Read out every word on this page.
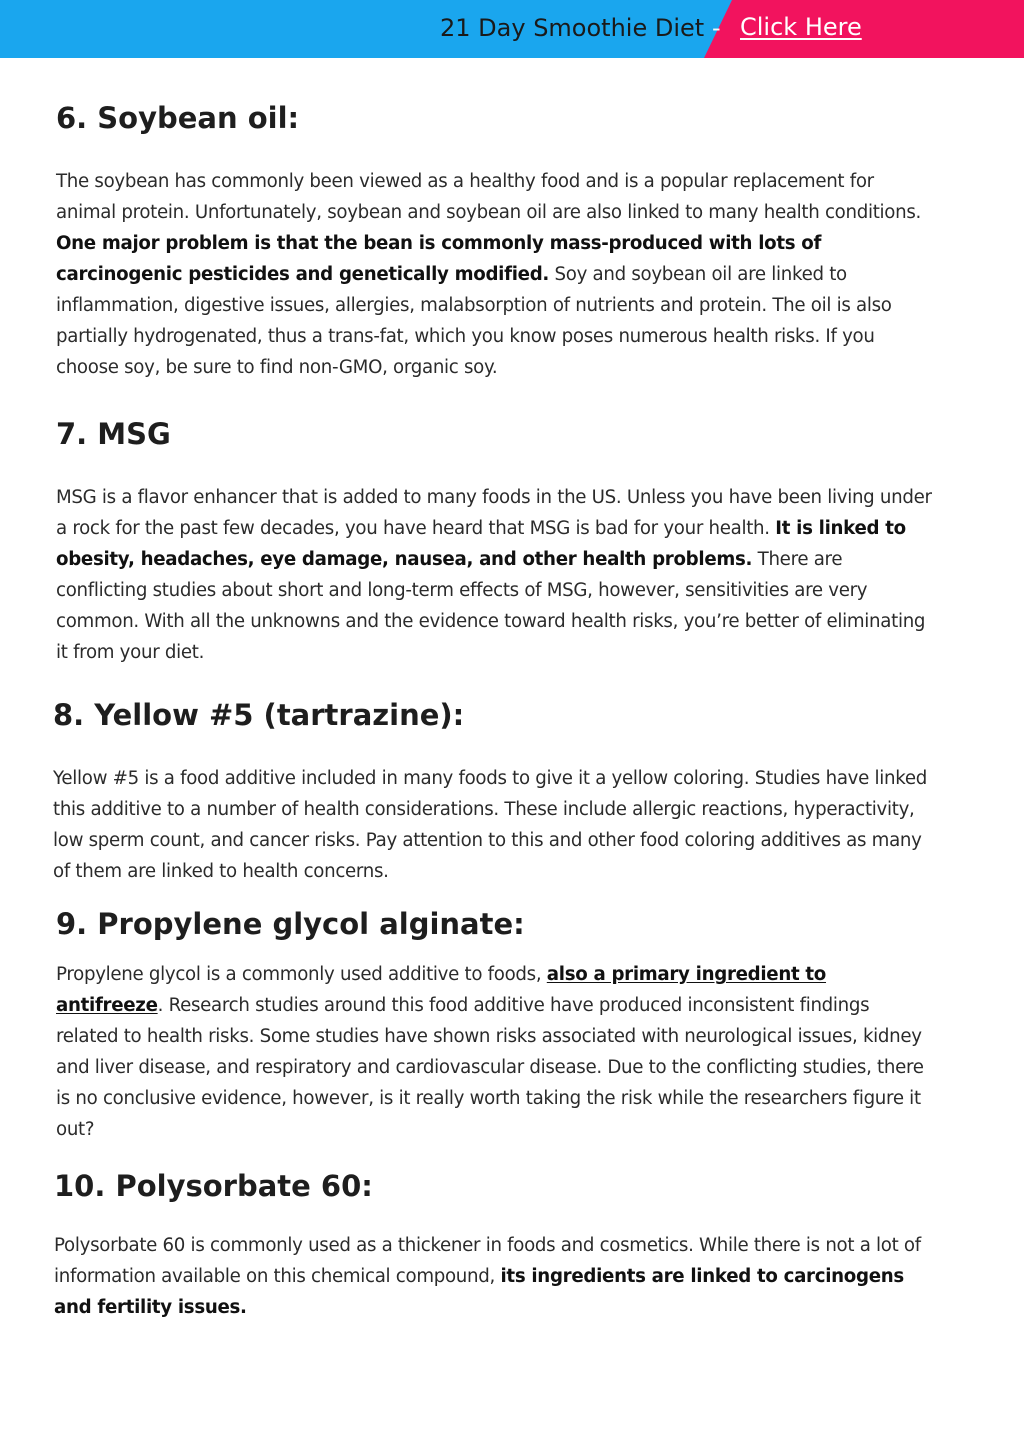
21 Day Smoothie Diet - Click Here
6. Soybean oil:

The soybean has commonly been viewed as a healthy food and is a popular replacement for animal protein. Unfortunately, soybean and soybean oil are also linked to many health conditions. One major problem is that the bean is commonly mass-produced with lots of carcinogenic pesticides and genetically modified. Soy and soybean oil are linked to inflammation, digestive issues, allergies, malabsorption of nutrients and protein. The oil is also partially hydrogenated, thus a trans-fat, which you know poses numerous health risks. If you choose soy, be sure to find non-GMO, organic soy.

7. MSG

MSG is a flavor enhancer that is added to many foods in the US. Unless you have been living under a rock for the past few decades, you have heard that MSG is bad for your health. It is linked to obesity, headaches, eye damage, nausea, and other health problems. There are conflicting studies about short and long-term effects of MSG, however, sensitivities are very common. With all the unknowns and the evidence toward health risks, you’re better of eliminating it from your diet.

8. Yellow #5 (tartrazine):

Yellow #5 is a food additive included in many foods to give it a yellow coloring. Studies have linked this additive to a number of health considerations. These include allergic reactions, hyperactivity, low sperm count, and cancer risks. Pay attention to this and other food coloring additives as many of them are linked to health concerns.

9. Propylene glycol alginate:

Propylene glycol is a commonly used additive to foods, also a primary ingredient to antifreeze. Research studies around this food additive have produced inconsistent findings related to health risks. Some studies have shown risks associated with neurological issues, kidney and liver disease, and respiratory and cardiovascular disease. Due to the conflicting studies, there is no conclusive evidence, however, is it really worth taking the risk while the researchers figure it out?

10. Polysorbate 60:

Polysorbate 60 is commonly used as a thickener in foods and cosmetics. While there is not a lot of information available on this chemical compound, its ingredients are linked to carcinogens and fertility issues.
